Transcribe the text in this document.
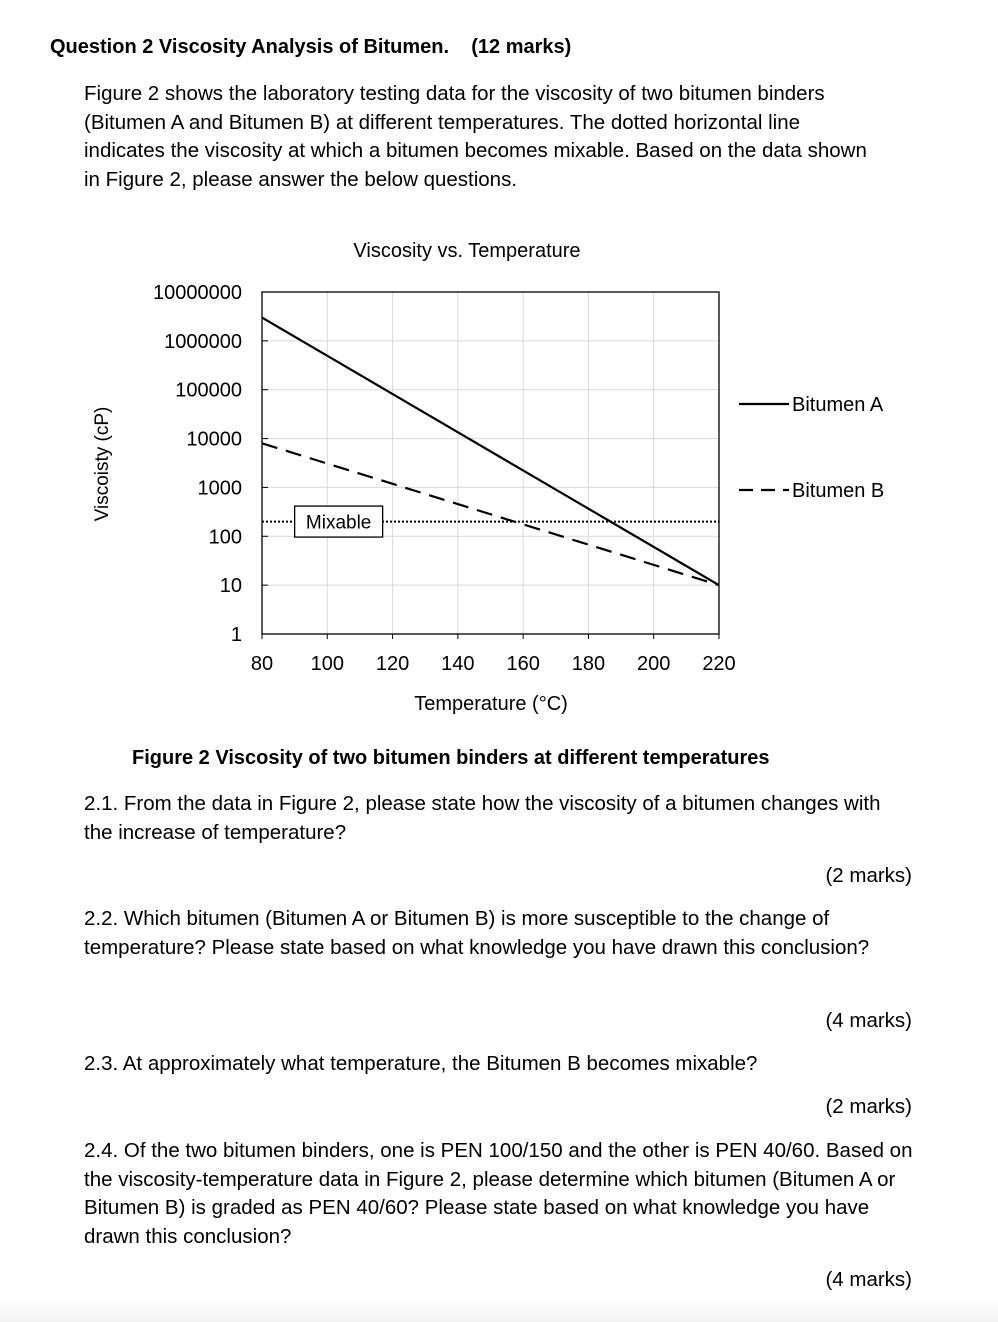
Question 2 Viscosity Analysis of Bitumen. (12 marks)
Figure 2 shows the laboratory testing data for the viscosity of two bitumen binders (Bitumen A and Bitumen B) at different temperatures. The dotted horizontal line indicates the viscosity at which a bitumen becomes mixable. Based on the data shown in Figure 2, please answer the below questions.
Viscosity vs. Temperature
Mixable
80 100 120 140 160 180 200 220
1
10
100
1000
10000
100000
1000000
10000000
Temperature (°C)
Viscoisty (cP)
Bitumen A
Bitumen B
Figure 2 Viscosity of two bitumen binders at different temperatures
2.1. From the data in Figure 2, please state how the viscosity of a bitumen changes with the increase of temperature?
(2 marks)
2.2. Which bitumen (Bitumen A or Bitumen B) is more susceptible to the change of temperature? Please state based on what knowledge you have drawn this conclusion?
(4 marks)
2.3. At approximately what temperature, the Bitumen B becomes mixable?
(2 marks)
2.4. Of the two bitumen binders, one is PEN 100/150 and the other is PEN 40/60. Based on the viscosity-temperature data in Figure 2, please determine which bitumen (Bitumen A or Bitumen B) is graded as PEN 40/60? Please state based on what knowledge you have drawn this conclusion?
(4 marks)
